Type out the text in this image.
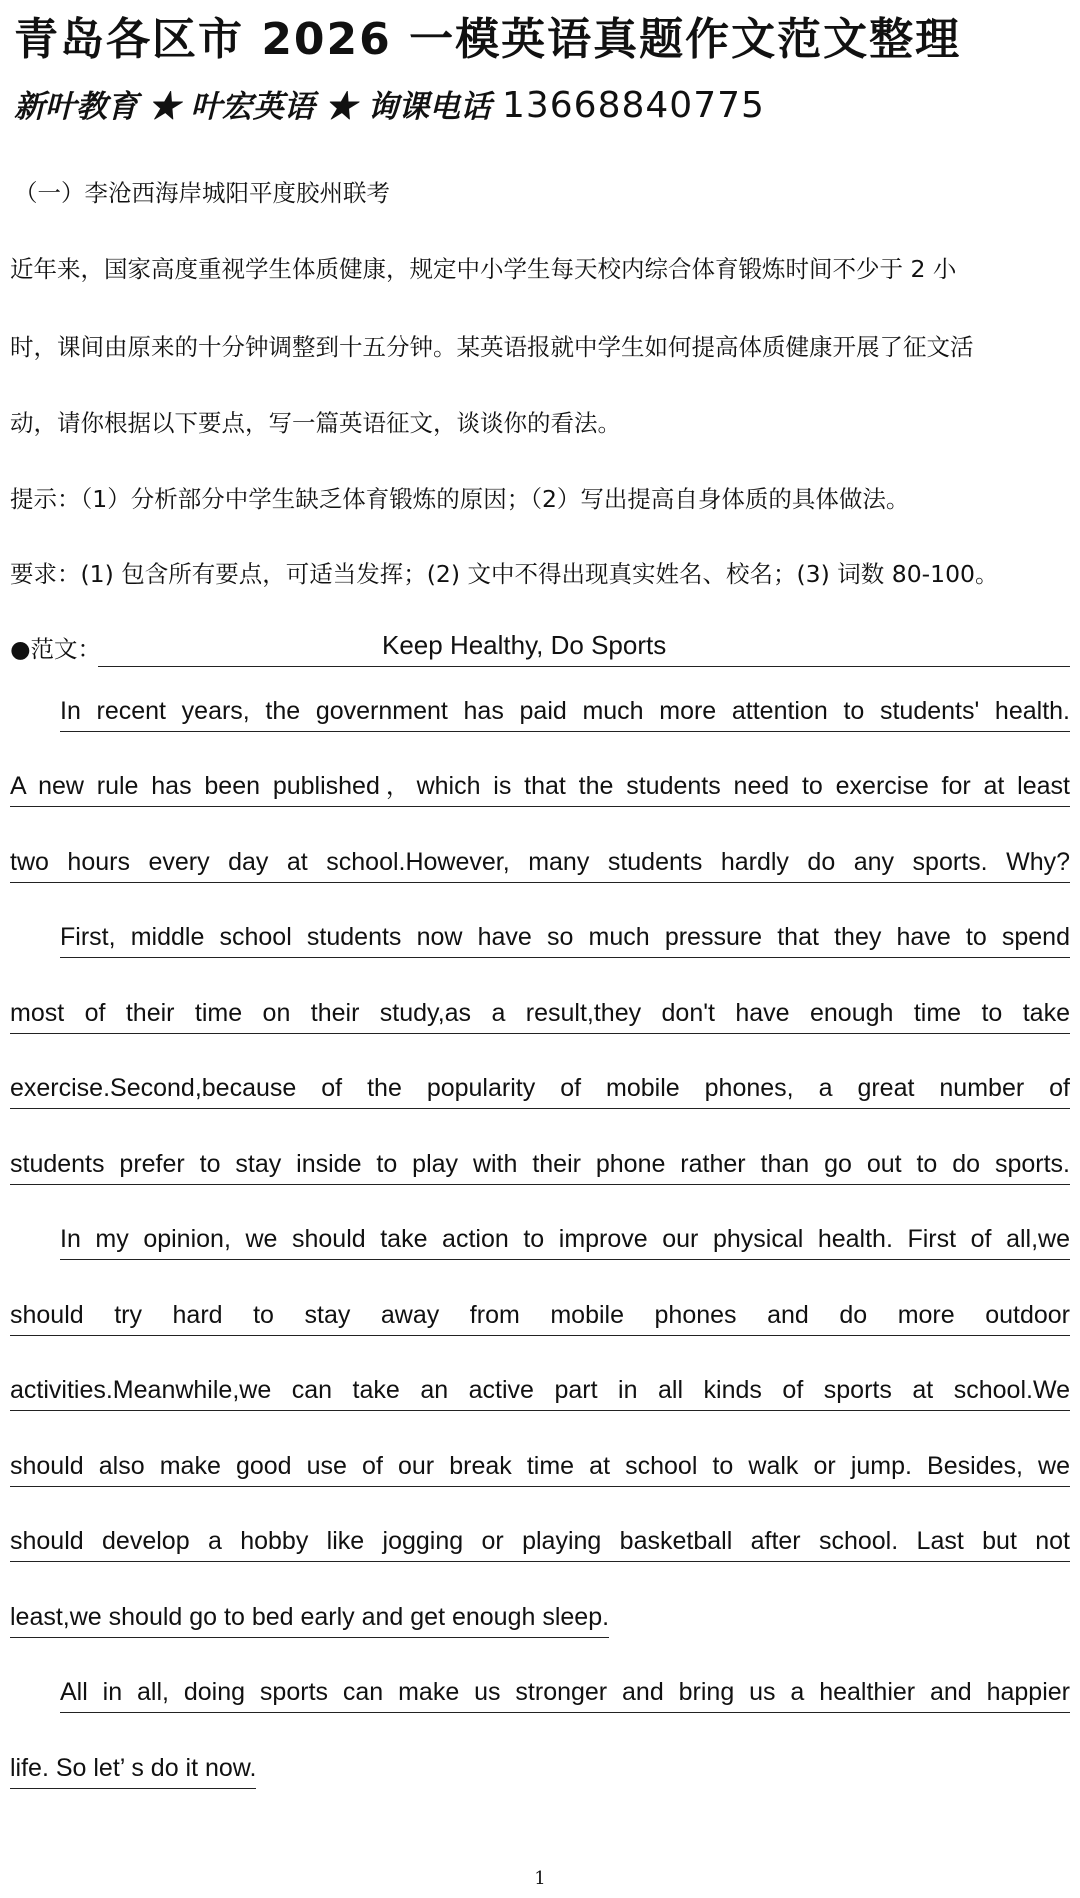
青岛各区市 2026 一模英语真题作文范文整理
新叶教育 ★ 叶宏英语 ★ 询课电话 13668840775
（一）李沧西海岸城阳平度胶州联考
近年来，国家高度重视学生体质健康，规定中小学生每天校内综合体育锻炼时间不少于 2 小
时，课间由原来的十分钟调整到十五分钟。某英语报就中学生如何提高体质健康开展了征文活
动，请你根据以下要点，写一篇英语征文，谈谈你的看法。
提示：（1）分析部分中学生缺乏体育锻炼的原因；（2）写出提高自身体质的具体做法。
要求：(1) 包含所有要点，可适当发挥；(2) 文中不得出现真实姓名、校名；(3) 词数 80-100。
●范文：	Keep Healthy, Do Sports
In recent years, the government has paid much more attention to students' health.
A new rule has been published，which is that the students need to exercise for at least
two hours every day at school.However, many students hardly do any sports. Why?
First, middle school students now have so much pressure that they have to spend
most of their time on their study,as a result,they don't have enough time to take
exercise.Second,because of the popularity of mobile phones, a great number of
students prefer to stay inside to play with their phone rather than go out to do sports.
In my opinion, we should take action to improve our physical health. First of all,we
should try hard to stay away from mobile phones and do more outdoor
activities.Meanwhile,we can take an active part in all kinds of sports at school.We
should also make good use of our break time at school to walk or jump. Besides, we
should develop a hobby like jogging or playing basketball after school. Last but not
least,we should go to bed early and get enough sleep.
All in all, doing sports can make us stronger and bring us a healthier and happier
life. So let’ s do it now.
1
